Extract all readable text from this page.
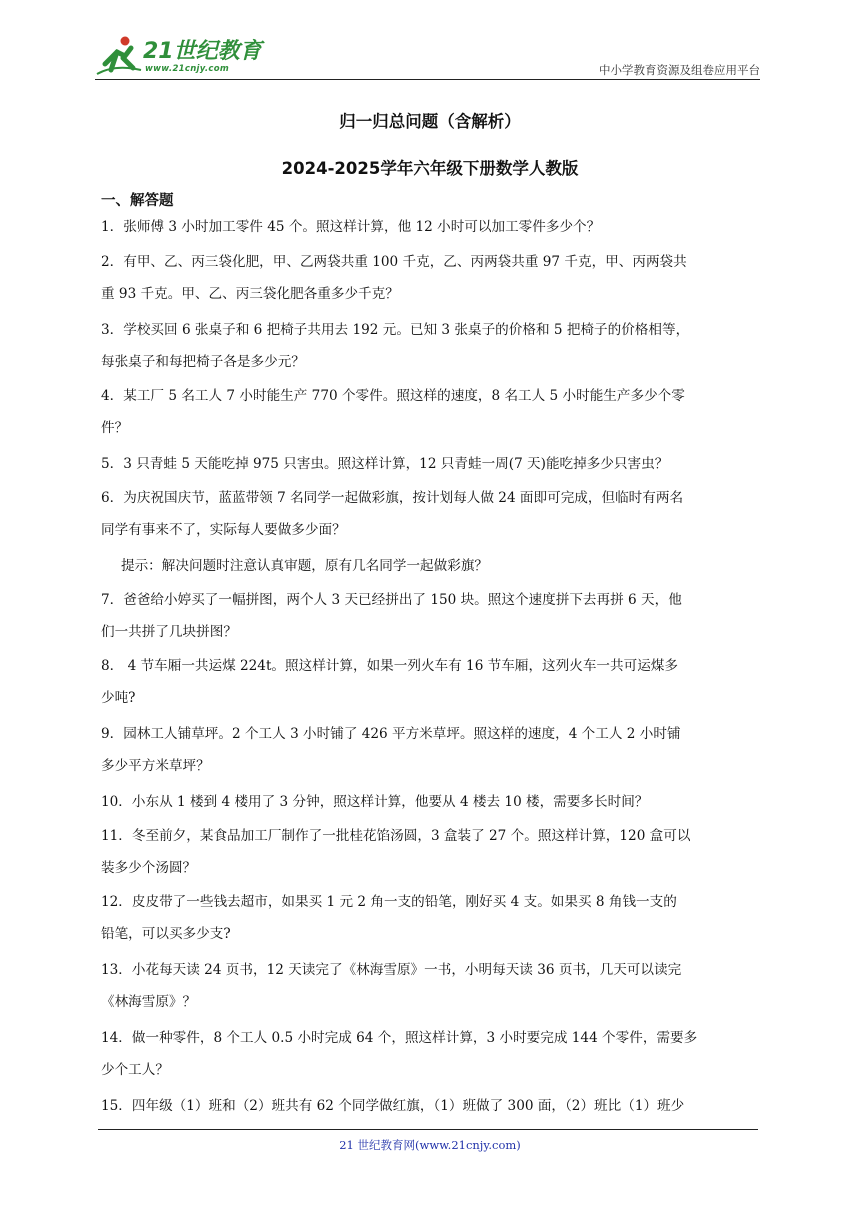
21世纪教育
www.21cnjy.com	中小学教育资源及组卷应用平台
归一归总问题（含解析）
2024-2025学年六年级下册数学人教版
一、解答题
1．张师傅 3 小时加工零件 45 个。照这样计算，他 12 小时可以加工零件多少个？
2．有甲、乙、丙三袋化肥，甲、乙两袋共重 100 千克，乙、丙两袋共重 97 千克，甲、丙两袋共
重 93 千克。甲、乙、丙三袋化肥各重多少千克？
3．学校买回 6 张桌子和 6 把椅子共用去 192 元。已知 3 张桌子的价格和 5 把椅子的价格相等，
每张桌子和每把椅子各是多少元？
4．某工厂 5 名工人 7 小时能生产 770 个零件。照这样的速度，8 名工人 5 小时能生产多少个零
件？
5．3 只青蛙 5 天能吃掉 975 只害虫。照这样计算，12 只青蛙一周(7 天)能吃掉多少只害虫？
6．为庆祝国庆节，蓝蓝带领 7 名同学一起做彩旗，按计划每人做 24 面即可完成，但临时有两名
同学有事来不了，实际每人要做多少面？
提示：解决问题时注意认真审题，原有几名同学一起做彩旗？
7．爸爸给小婷买了一幅拼图，两个人 3 天已经拼出了 150 块。照这个速度拼下去再拼 6 天，他
们一共拼了几块拼图？
8． 4 节车厢一共运煤 224t。照这样计算，如果一列火车有 16 节车厢，这列火车一共可运煤多
少吨?
9．园林工人铺草坪。2 个工人 3 小时铺了 426 平方米草坪。照这样的速度，4 个工人 2 小时铺
多少平方米草坪？
10．小东从 1 楼到 4 楼用了 3 分钟，照这样计算，他要从 4 楼去 10 楼，需要多长时间？
11．冬至前夕，某食品加工厂制作了一批桂花馅汤圆，3 盒装了 27 个。照这样计算，120 盒可以
装多少个汤圆？
12．皮皮带了一些钱去超市，如果买 1 元 2 角一支的铅笔，刚好买 4 支。如果买 8 角钱一支的
铅笔，可以买多少支?
13．小花每天读 24 页书，12 天读完了《林海雪原》一书，小明每天读 36 页书，几天可以读完
《林海雪原》？
14．做一种零件，8 个工人 0.5 小时完成 64 个，照这样计算，3 小时要完成 144 个零件，需要多
少个工人？
15．四年级（1）班和（2）班共有 62 个同学做红旗，（1）班做了 300 面，（2）班比（1）班少
21 世纪教育网(www.21cnjy.com)
